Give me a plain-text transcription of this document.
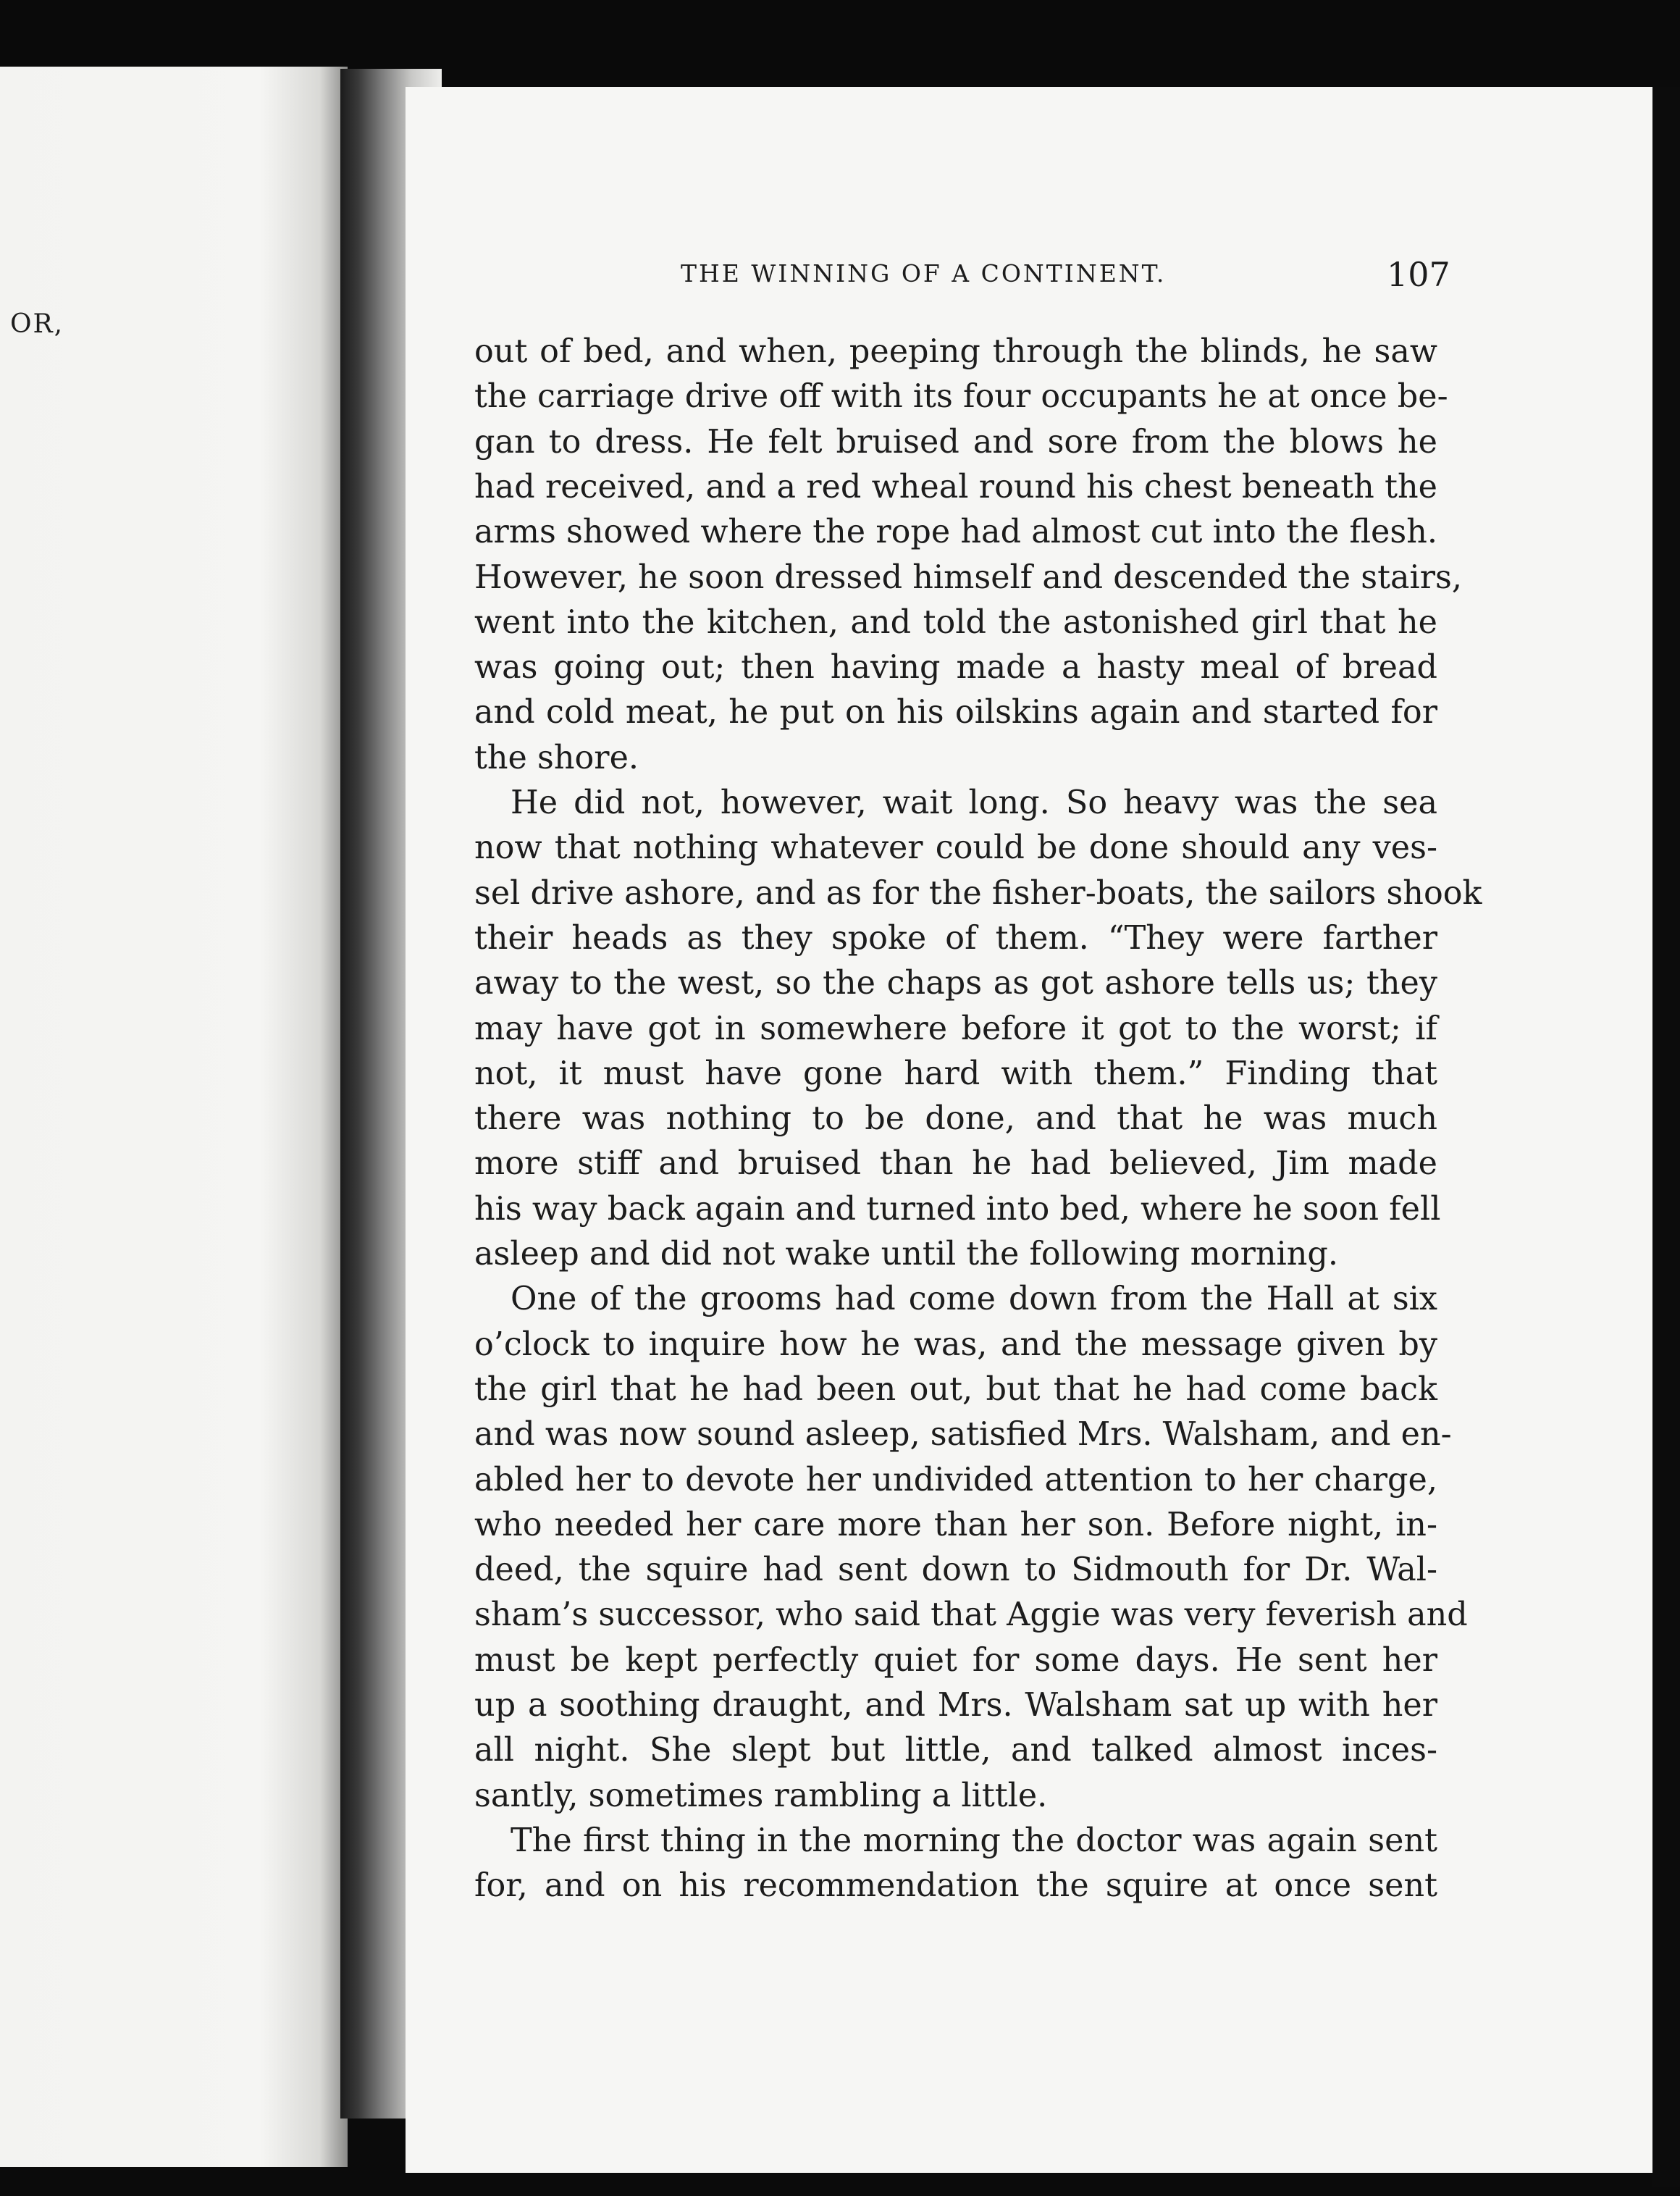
OR,
THE WINNING OF A CONTINENT.	107
out of bed, and when, peeping through the blinds, he saw
the carriage drive off with its four occupants he at once be-
gan to dress. He felt bruised and sore from the blows he
had received, and a red wheal round his chest beneath the
arms showed where the rope had almost cut into the flesh.
However, he soon dressed himself and descended the stairs,
went into the kitchen, and told the astonished girl that he
was going out; then having made a hasty meal of bread
and cold meat, he put on his oilskins again and started for
the shore.
He did not, however, wait long. So heavy was the sea
now that nothing whatever could be done should any ves-
sel drive ashore, and as for the fisher-boats, the sailors shook
their heads as they spoke of them. “They were farther
away to the west, so the chaps as got ashore tells us; they
may have got in somewhere before it got to the worst; if
not, it must have gone hard with them.” Finding that
there was nothing to be done, and that he was much
more stiff and bruised than he had believed, Jim made
his way back again and turned into bed, where he soon fell
asleep and did not wake until the following morning.
One of the grooms had come down from the Hall at six
o’clock to inquire how he was, and the message given by
the girl that he had been out, but that he had come back
and was now sound asleep, satisfied Mrs. Walsham, and en-
abled her to devote her undivided attention to her charge,
who needed her care more than her son. Before night, in-
deed, the squire had sent down to Sidmouth for Dr. Wal-
sham’s successor, who said that Aggie was very feverish and
must be kept perfectly quiet for some days. He sent her
up a soothing draught, and Mrs. Walsham sat up with her
all night. She slept but little, and talked almost inces-
santly, sometimes rambling a little.
The first thing in the morning the doctor was again sent
for, and on his recommendation the squire at once sent
